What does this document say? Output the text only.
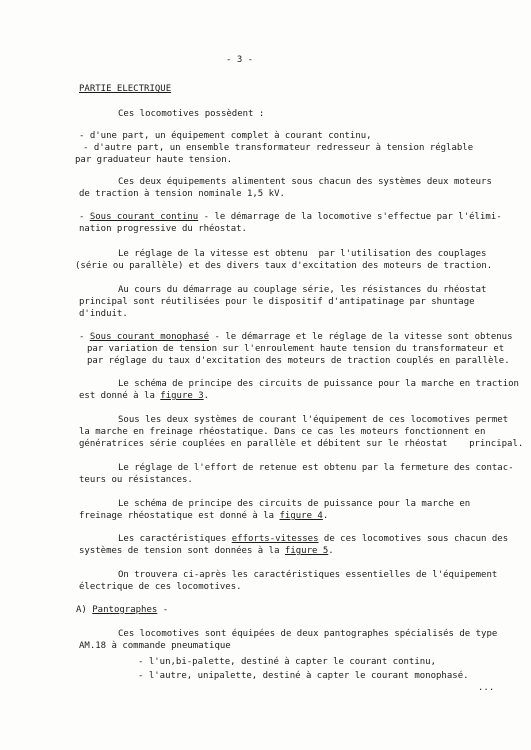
- 3 -
PARTIE ELECTRIQUE
Ces locomotives possèdent :
- d'une part, un équipement complet à courant continu,
- d'autre part, un ensemble transformateur redresseur à tension réglable
par graduateur haute tension.
Ces deux équipements alimentent sous chacun des systèmes deux moteurs
de traction à tension nominale 1,5 kV.
- Sous courant continu - le démarrage de la locomotive s'effectue par l'élimi-
nation progressive du rhéostat.
Le réglage de la vitesse est obtenu  par l'utilisation des couplages
(série ou parallèle) et des divers taux d'excitation des moteurs de traction.
Au cours du démarrage au couplage série, les résistances du rhéostat
principal sont réutilisées pour le dispositif d'antipatinage par shuntage
d'induit.
- Sous courant monophasé - le démarrage et le réglage de la vitesse sont obtenus
par variation de tension sur l'enroulement haute tension du transformateur et
par réglage du taux d'excitation des moteurs de traction couplés en parallèle.
Le schéma de principe des circuits de puissance pour la marche en traction
est donné à la figure 3.
Sous les deux systèmes de courant l'équipement de ces locomotives permet
la marche en freinage rhéostatique. Dans ce cas les moteurs fonctionnent en
génératrices série couplées en parallèle et débitent sur le rhéostat    principal.
Le réglage de l'effort de retenue est obtenu par la fermeture des contac-
teurs ou résistances.
Le schéma de principe des circuits de puissance pour la marche en
freinage rhéostatique est donné à la figure 4.
Les caractéristiques efforts-vitesses de ces locomotives sous chacun des
systèmes de tension sont données à la figure 5.
On trouvera ci-après les caractéristiques essentielles de l'équipement
électrique de ces locomotives.
A) Pantographes -
Ces locomotives sont équipées de deux pantographes spécialisés de type
AM.18 à commande pneumatique
- l'un,bi-palette, destiné à capter le courant continu,
- l'autre, unipalette, destiné à capter le courant monophasé.
...
